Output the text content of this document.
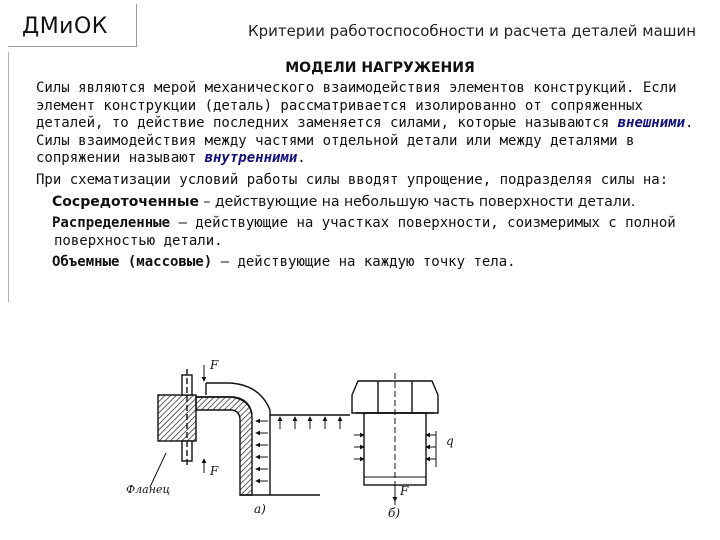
ДМиОК	Критерии работоспособности и расчета деталей машин
МОДЕЛИ НАГРУЖЕНИЯ

Силы являются мерой механического взаимодействия элементов конструкций. Если элемент конструкции (деталь) рассматривается изолированно от сопряженных деталей, то действие последних заменяется силами, которые называются внешними. Силы взаимодействия между частями отдельной детали или между деталями в сопряжении называют внутренними.

При схематизации условий работы силы вводят упрощение, подразделяя силы на:

Сосредоточенные – действующие на небольшую часть поверхности детали.

Распределенные – действующие на участках поверхности, соизмеримых с полной поверхностью детали.

Объемные (массовые) – действующие на каждую точку тела.

Фланец
F
F
а)
q
F
б)
